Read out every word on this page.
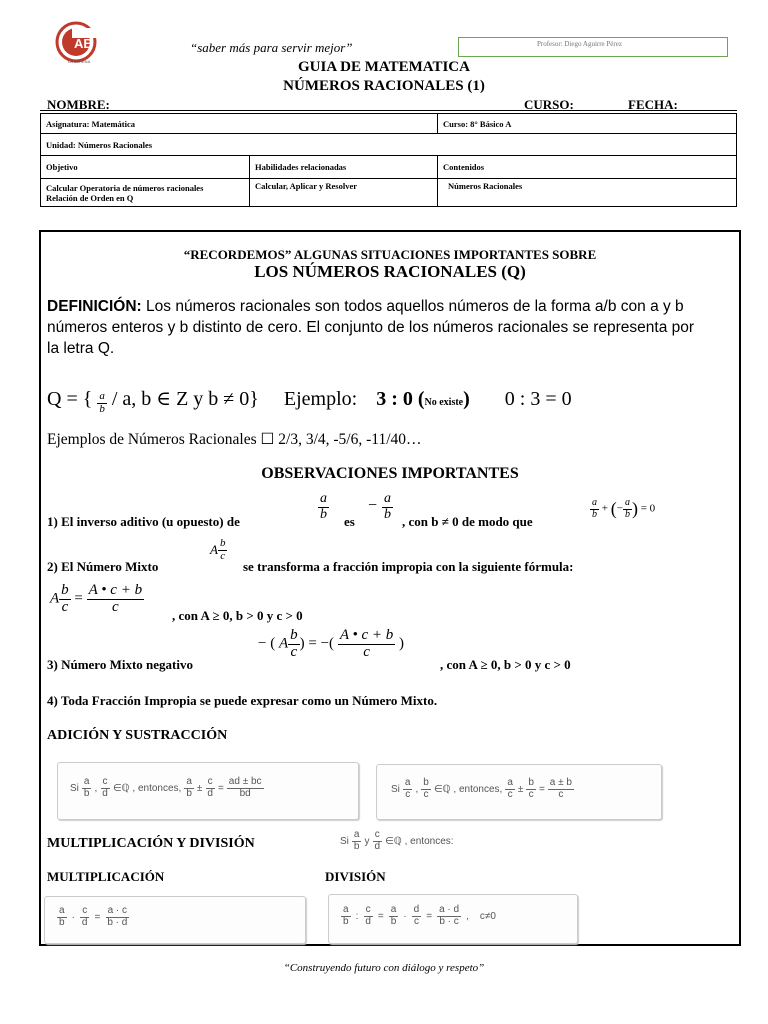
AB
LA SERENA
“saber más para servir mejor”	Profesor: Diego Aguirre Pérez
GUIA DE MATEMATICA
NÚMEROS RACIONALES (1)
NOMBRE:	CURSO:	FECHA:
Asignatura: Matemática		Curso: 8° Básico A
Unidad: Números Racionales		
Objetivo	Habilidades relacionadas	Contenidos
Calcular Operatoria de números racionales
Relación de Orden en Q	Calcular, Aplicar y Resolver	Números Racionales
“RECORDEMOS” ALGUNAS SITUACIONES IMPORTANTES SOBRE
LOS NÚMEROS RACIONALES (Q)
DEFINICIÓN: Los números racionales son todos aquellos números de la forma a/b con a y b números enteros y b distinto de cero. El conjunto de los números racionales se representa por la letra Q.
Q = { $\frac{a}{b}$ / a, b ∈ Z y b ≠ 0} Ejemplo: 3 : 0 (No existe) 0 : 3 = 0
Ejemplos de Números Racionales ☐ 2/3, 3/4, -5/6, -11/40…
OBSERVACIONES IMPORTANTES
1) El inverso aditivo (u opuesto) de	$\frac{a}{b}$ es
− $\frac{a}{b}$ , con b ≠ 0 de modo que
$\frac{a}{b}$ + (− $\frac{a}{b}$ ) = 0
2) El Número Mixto
A $\frac{b}{c}$
se transforma a fracción impropia con la siguiente fórmula:
A $\frac{b}{c} = \frac{A • c + b}{c}$ , con A ≥ 0, b > 0 y c > 0
3) Número Mixto negativo
− ( A $\frac{b}{c}$ ) = −( $\frac{A • c + b}{c}$ )
, con A ≥ 0, b > 0 y c > 0
4) Toda Fracción Impropia se puede expresar como un Número Mixto.
ADICIÓN Y SUSTRACCIÓN
Si $\frac{a}{b}$ , $\frac{c}{d}$ ∈ℚ , entonces, $\frac{a}{b} \pm \frac{c}{d} = \frac{ad \pm bc}{bd}$	Si $\frac{a}{c}$ , $\frac{b}{c}$ ∈ℚ , entonces, $\frac{a}{c} \pm \frac{b}{c} = \frac{a \pm b}{c}$
MULTIPLICACIÓN Y DIVISIÓN	Si $\frac{a}{b}$ y $\frac{c}{d}$ ∈ℚ , entonces:
MULTIPLICACIÓN	DIVISIÓN
$\frac{a}{b} \cdot \frac{c}{d} = \frac{a \cdot c}{b \cdot d}$	$\frac{a}{b}$ : $\frac{c}{d} = \frac{a}{b} \cdot \frac{d}{c} = \frac{a \cdot d}{b \cdot c}$ , c≠0
“Construyendo futuro con diálogo y respeto”
